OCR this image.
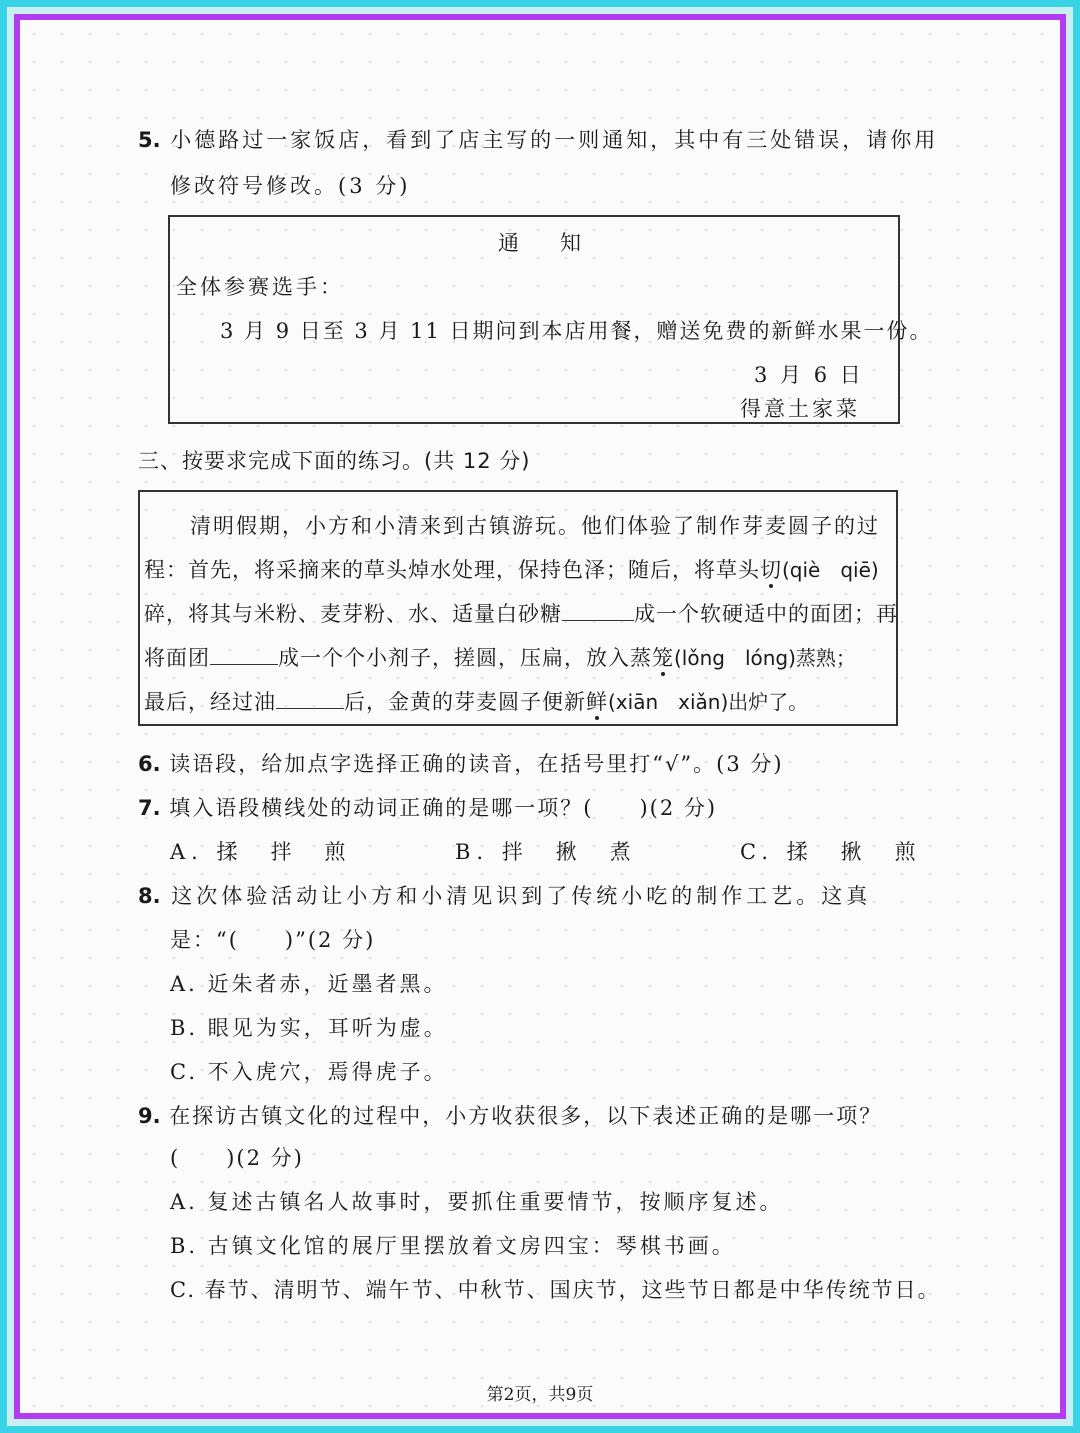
5. 小德路过一家饭店，看到了店主写的一则通知，其中有三处错误，请你用
修改符号修改。(3 分)
通　知
全体参赛选手：
3 月 9 日至 3 月 11 日期问到本店用餐，赠送免费的新鲜水果一份。
3 月 6 日
得意土家菜
三、按要求完成下面的练习。(共 12 分)
清明假期，小方和小清来到古镇游玩。他们体验了制作芽麦圆子的过
程：首先，将采摘来的草头焯水处理，保持色泽；随后，将草头切(qiè　qiē)
碎，将其与米粉、麦芽粉、水、适量白砂糖	成一个软硬适中的面团；再
将面团	成一个个小剂子，搓圆，压扁，放入蒸笼(lǒng　lóng)蒸熟；
最后，经过油	后，金黄的芽麦圆子便新鲜(xiān　xiǎn)出炉了。
6. 读语段，给加点字选择正确的读音，在括号里打“√”。(3 分)
7. 填入语段横线处的动词正确的是哪一项？(　　)(2 分)
A. 揉　拌　煎	B. 拌　揪　煮	C. 揉　揪　煎
8. 这次体验活动让小方和小清见识到了传统小吃的制作工艺。这真
是：“(　　)”(2 分)
A. 近朱者赤，近墨者黑。
B. 眼见为实，耳听为虚。
C. 不入虎穴，焉得虎子。
9. 在探访古镇文化的过程中，小方收获很多，以下表述正确的是哪一项？
(　　)(2 分)
A. 复述古镇名人故事时，要抓住重要情节，按顺序复述。
B. 古镇文化馆的展厅里摆放着文房四宝：琴棋书画。
C. 春节、清明节、端午节、中秋节、国庆节，这些节日都是中华传统节日。
第2页，共9页
